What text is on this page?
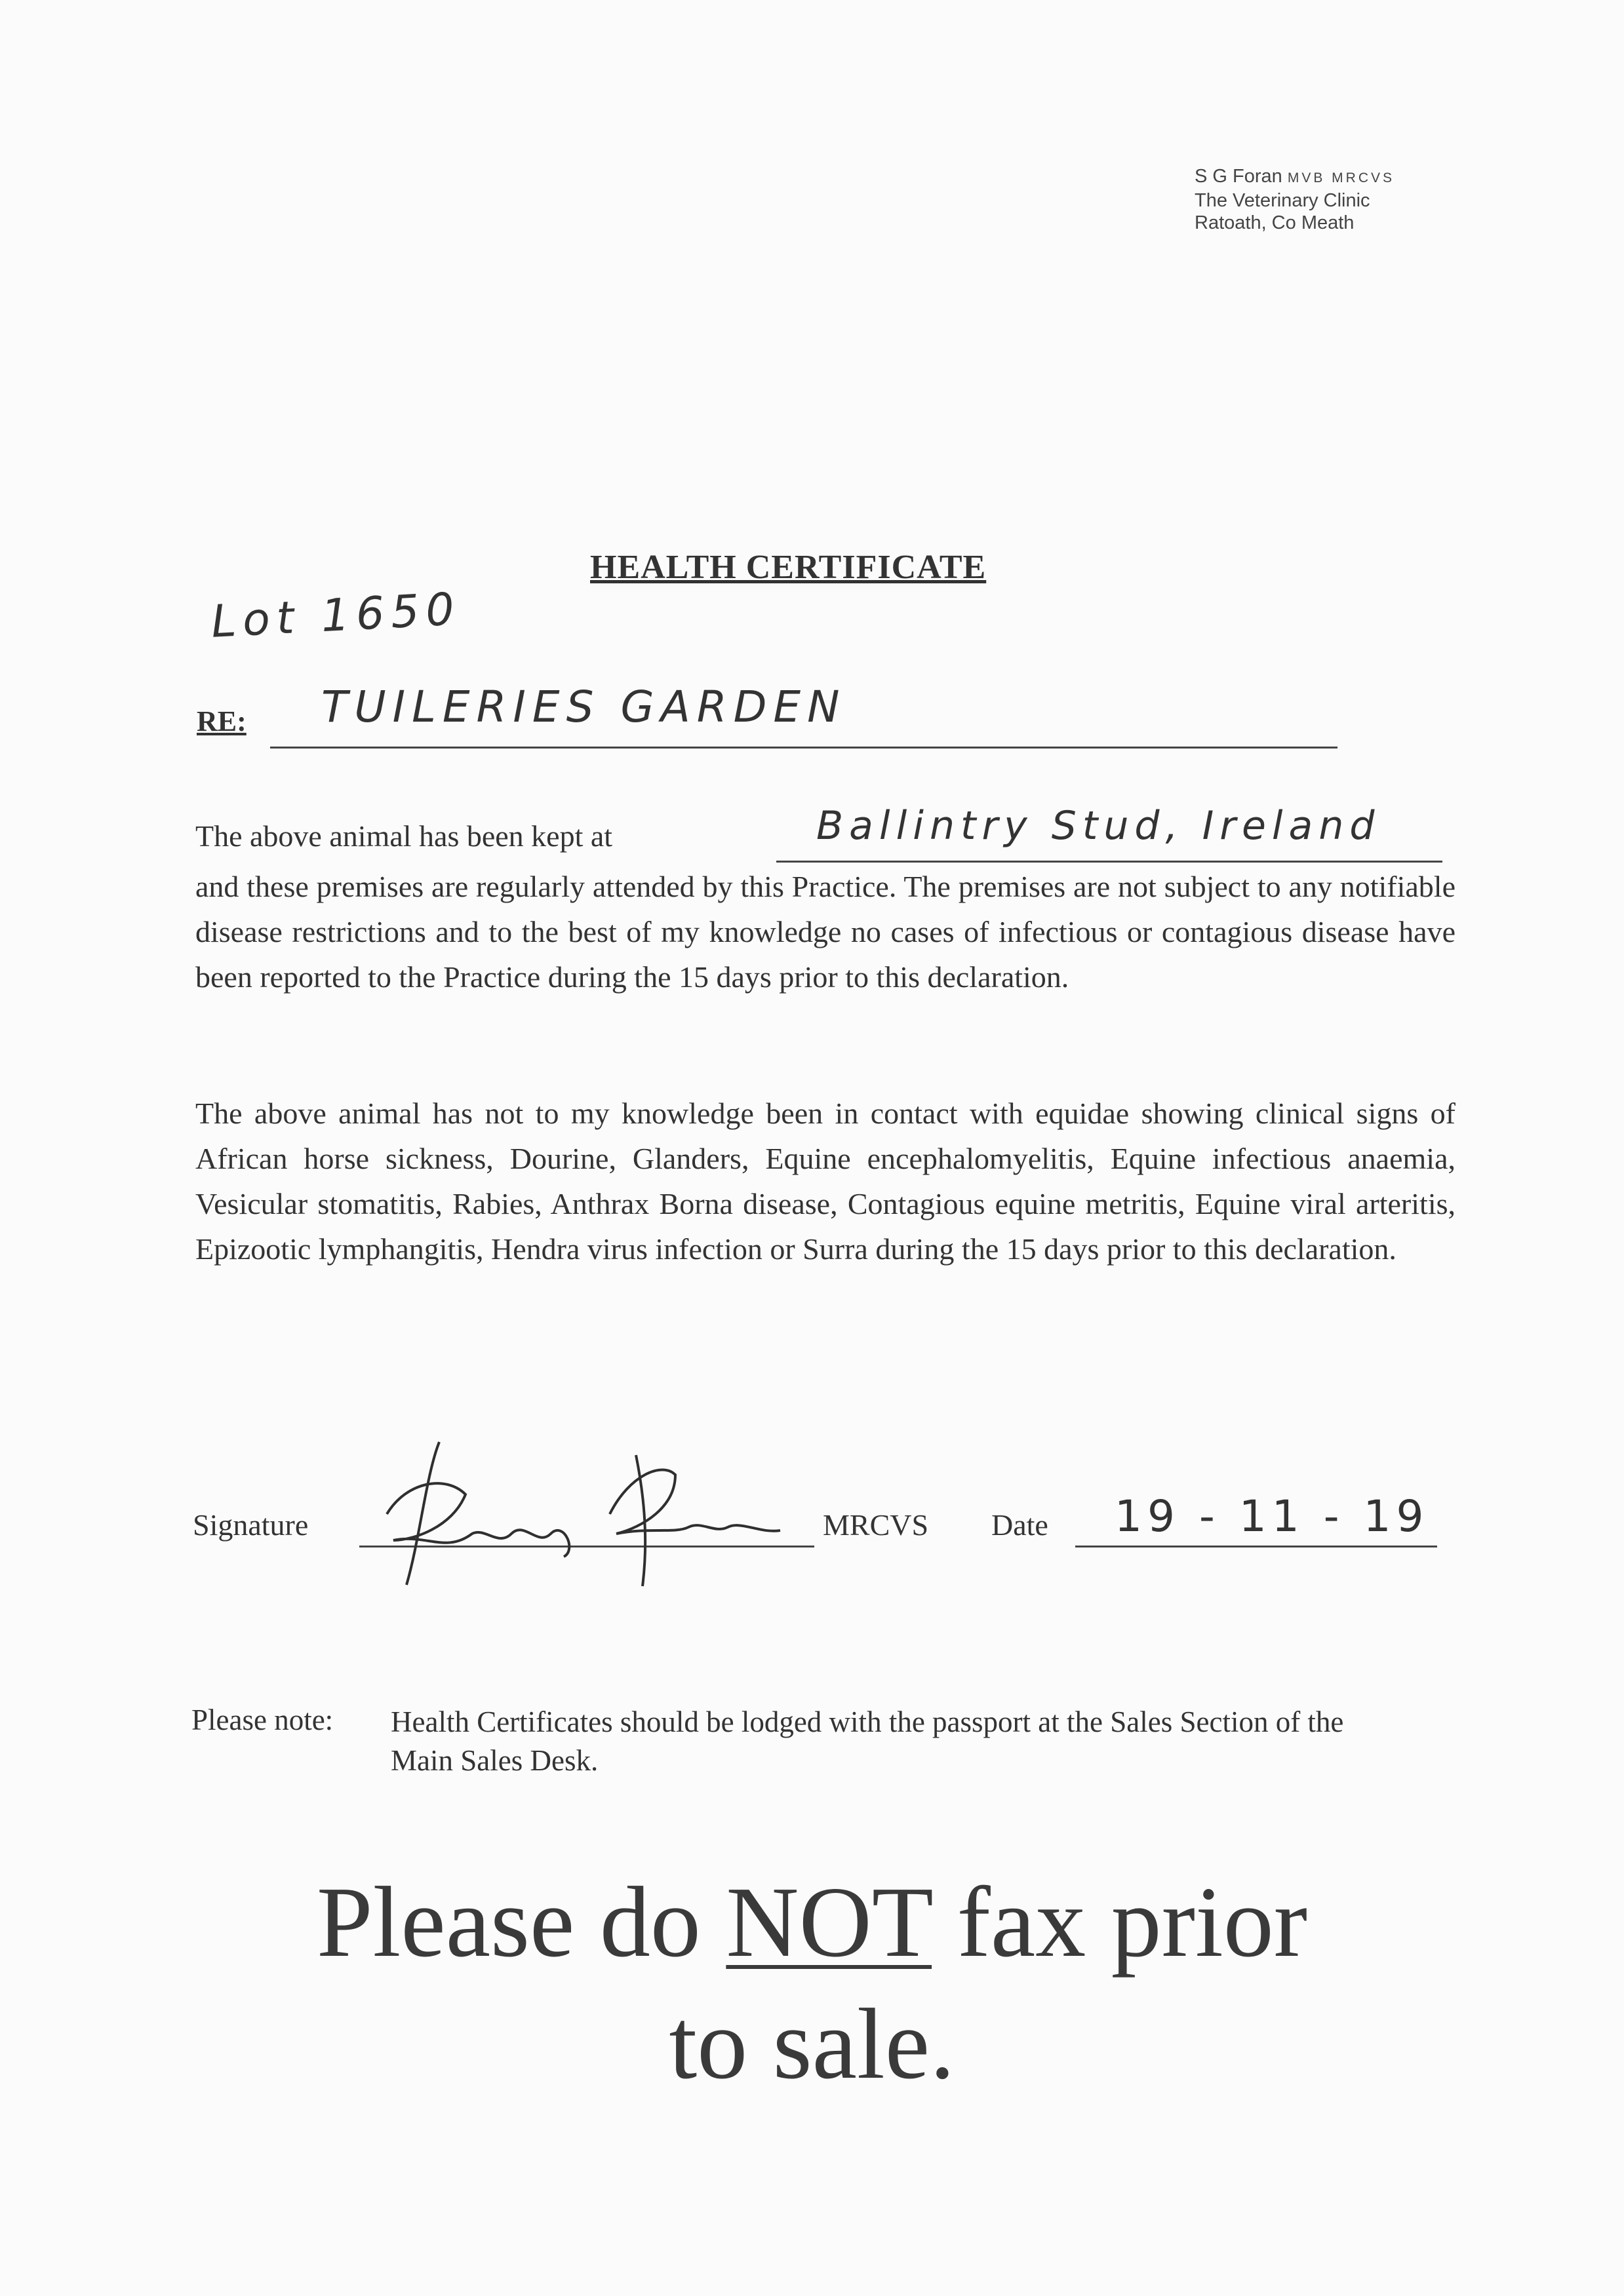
S G Foran MVB MRCVS
The Veterinary Clinic
Ratoath, Co Meath
HEALTH CERTIFICATE
Lot 1650
RE: TUILERIES GARDEN
The above animal has been kept at	Ballintry Stud, Ireland
and these premises are regularly attended by this Practice. The premises are not subject to any notifiable disease restrictions and to the best of my knowledge no cases of infectious or contagious disease have been reported to the Practice during the 15 days prior to this declaration.
The above animal has not to my knowledge been in contact with equidae showing clinical signs of African horse sickness, Dourine, Glanders, Equine encephalomyelitis, Equine infectious anaemia, Vesicular stomatitis, Rabies, Anthrax Borna disease, Contagious equine metritis, Equine viral arteritis, Epizootic lymphangitis, Hendra virus infection or Surra during the 15 days prior to this declaration.
Signature
Kerry Foran
MRCVS Date 19 - 11 - 19
Please note: Health Certificates should be lodged with the passport at the Sales Section of the Main Sales Desk.
Please do NOT fax prior
to sale.
